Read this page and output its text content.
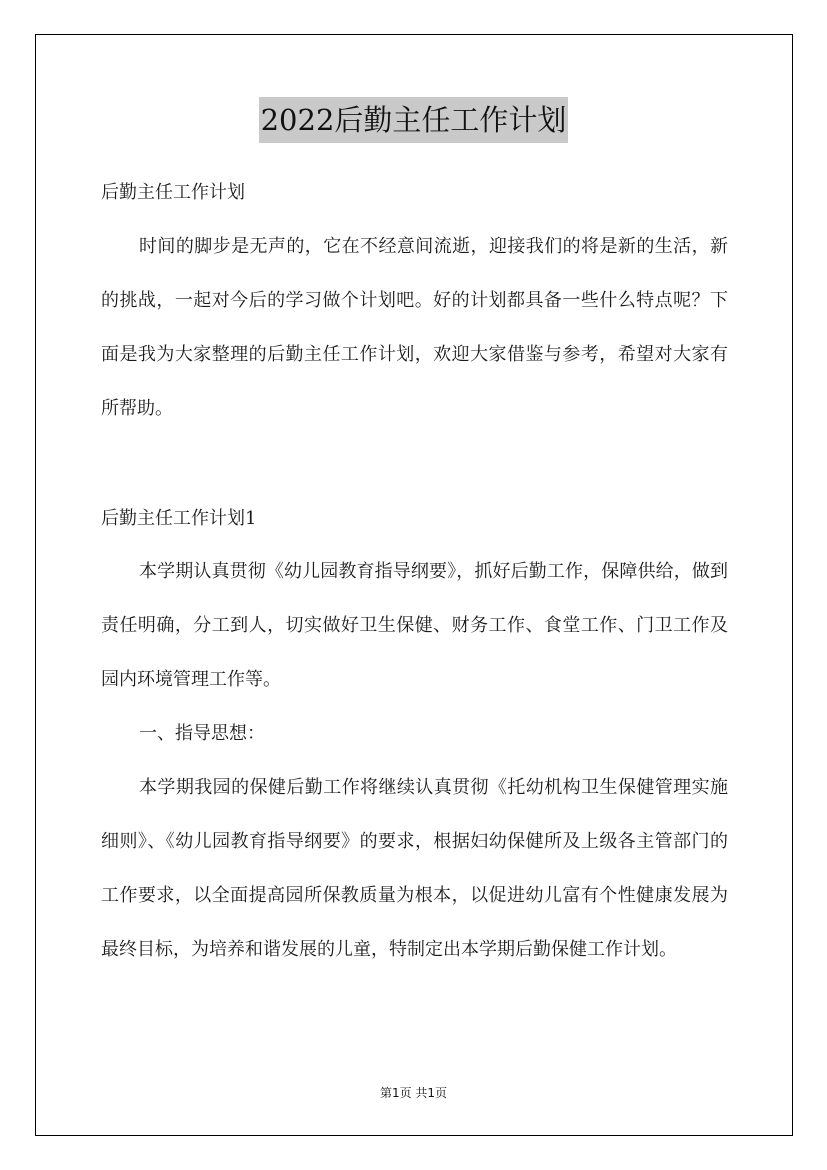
2022后勤主任工作计划
后勤主任工作计划
时间的脚步是无声的，它在不经意间流逝，迎接我们的将是新的生活，新的挑战，一起对今后的学习做个计划吧。好的计划都具备一些什么特点呢？下面是我为大家整理的后勤主任工作计划，欢迎大家借鉴与参考，希望对大家有所帮助。
后勤主任工作计划1
本学期认真贯彻《幼儿园教育指导纲要》，抓好后勤工作，保障供给，做到责任明确，分工到人，切实做好卫生保健、财务工作、食堂工作、门卫工作及园内环境管理工作等。
一、指导思想：
本学期我园的保健后勤工作将继续认真贯彻《托幼机构卫生保健管理实施细则》、《幼儿园教育指导纲要》的要求，根据妇幼保健所及上级各主管部门的工作要求，以全面提高园所保教质量为根本，以促进幼儿富有个性健康发展为最终目标，为培养和谐发展的儿童，特制定出本学期后勤保健工作计划。
第1页 共1页
